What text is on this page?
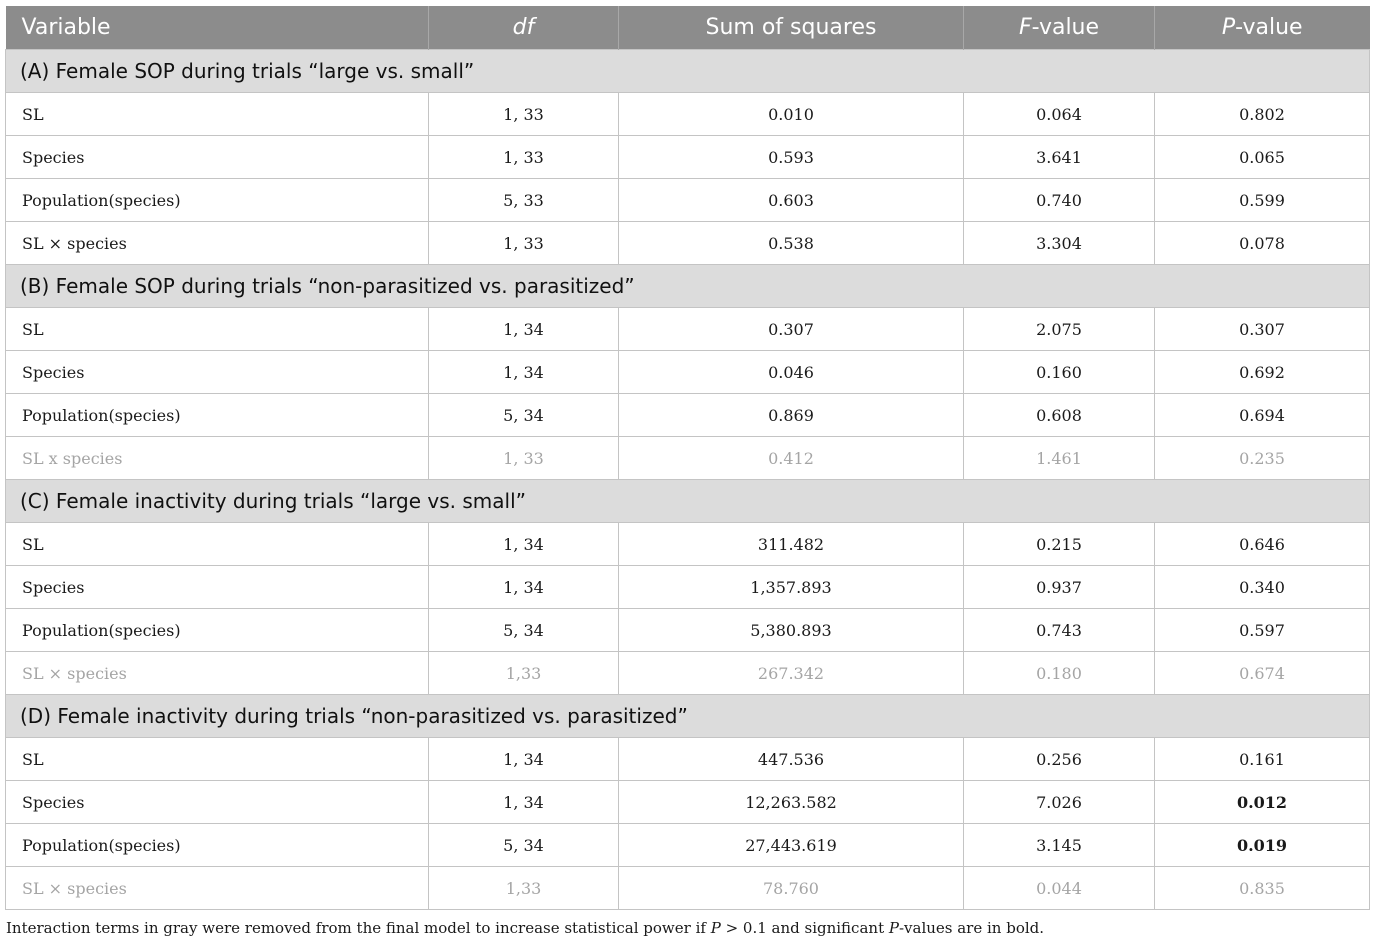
Variable	df	Sum of squares	F-value	P-value
(A) Female SOP during trials “large vs. small”				
SL	1, 33	0.010	0.064	0.802
Species	1, 33	0.593	3.641	0.065
Population(species)	5, 33	0.603	0.740	0.599
SL × species	1, 33	0.538	3.304	0.078
(B) Female SOP during trials “non-parasitized vs. parasitized”				
SL	1, 34	0.307	2.075	0.307
Species	1, 34	0.046	0.160	0.692
Population(species)	5, 34	0.869	0.608	0.694
SL x species	1, 33	0.412	1.461	0.235
(C) Female inactivity during trials “large vs. small”				
SL	1, 34	311.482	0.215	0.646
Species	1, 34	1,357.893	0.937	0.340
Population(species)	5, 34	5,380.893	0.743	0.597
SL × species	1,33	267.342	0.180	0.674
(D) Female inactivity during trials “non-parasitized vs. parasitized”				
SL	1, 34	447.536	0.256	0.161
Species	1, 34	12,263.582	7.026	0.012
Population(species)	5, 34	27,443.619	3.145	0.019
SL × species	1,33	78.760	0.044	0.835

Interaction terms in gray were removed from the final model to increase statistical power if P > 0.1 and significant P-values are in bold.
